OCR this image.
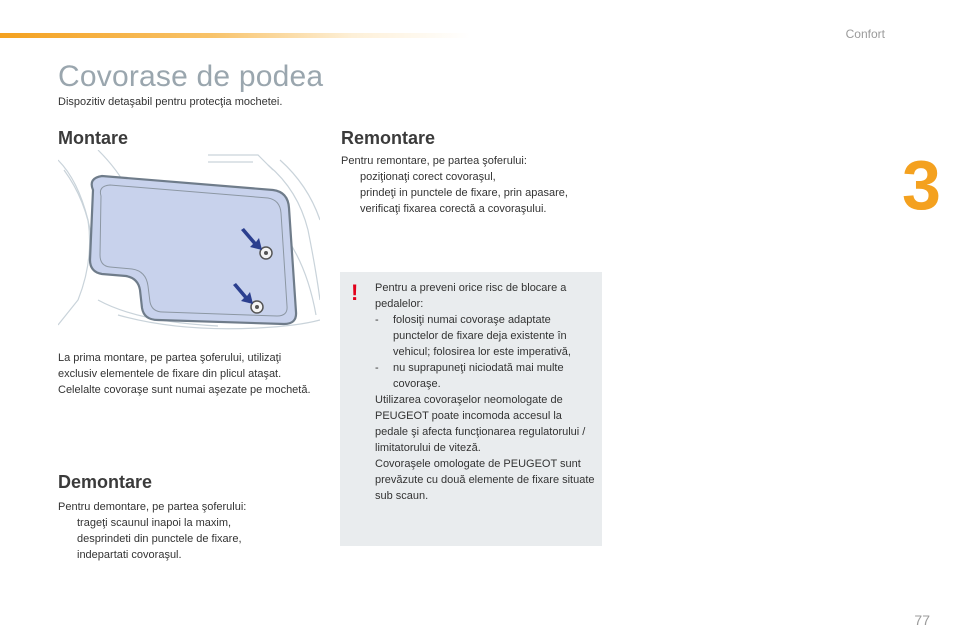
Confort
3
Covorase de podea
Dispozitiv detaşabil pentru protecţia mochetei.
Montare
La prima montare, pe partea şoferului, utilizaţi exclusiv elementele de fixare din plicul ataşat. Celelalte covoraşe sunt numai aşezate pe mochetă.
Demontare

Pentru demontare, pe partea şoferului:

trageţi scaunul inapoi la maxim,
desprindeti din punctele de fixare,
indepartati covoraşul.
Remontare

Pentru remontare, pe partea şoferului:

poziţionaţi corect covoraşul,
prindeţi in punctele de fixare, prin apasare,
verificaţi fixarea corectă a covoraşului.
! Pentru a preveni orice risc de blocare a pedalelor:

-	folosiţi numai covoraşe adaptate punctelor de fixare deja existente în vehicul; folosirea lor este imperativă,
-	nu suprapuneţi niciodată mai multe covoraşe.

Utilizarea covoraşelor neomologate de PEUGEOT poate incomoda accesul la pedale şi afecta funcţionarea regulatorului / limitatorului de viteză.

Covoraşele omologate de PEUGEOT sunt prevăzute cu două elemente de fixare situate sub scaun.

77
